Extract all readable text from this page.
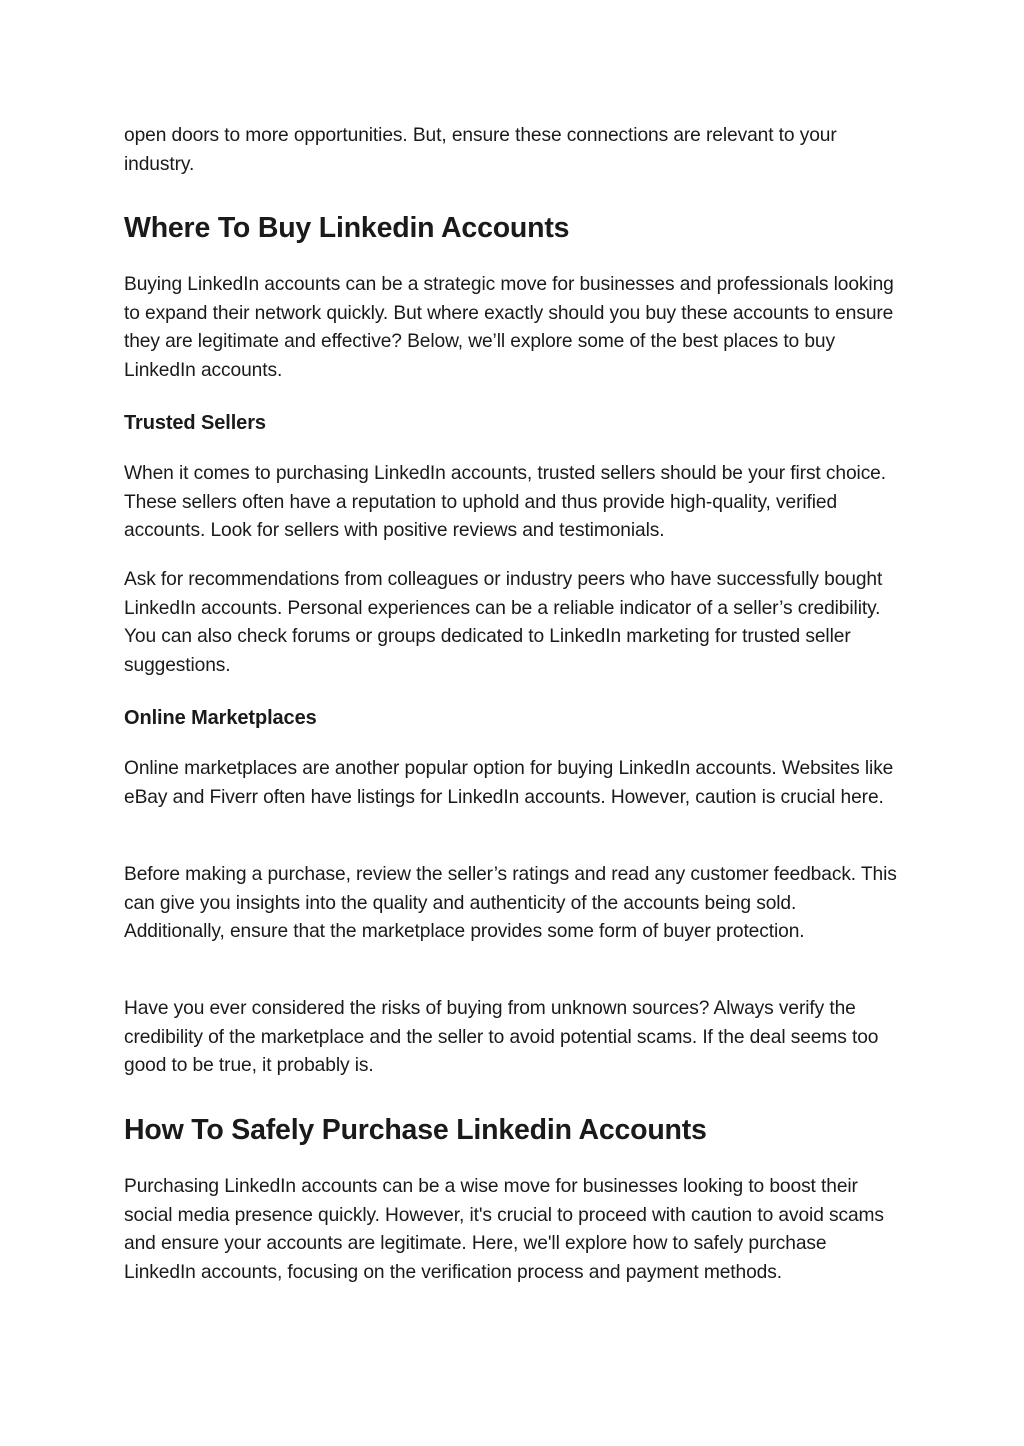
open doors to more opportunities. But, ensure these connections are relevant to your industry.

Where To Buy Linkedin Accounts

Buying LinkedIn accounts can be a strategic move for businesses and professionals looking to expand their network quickly. But where exactly should you buy these accounts to ensure they are legitimate and effective? Below, we’ll explore some of the best places to buy LinkedIn accounts.

Trusted Sellers

When it comes to purchasing LinkedIn accounts, trusted sellers should be your first choice. These sellers often have a reputation to uphold and thus provide high-quality, verified accounts. Look for sellers with positive reviews and testimonials.

Ask for recommendations from colleagues or industry peers who have successfully bought LinkedIn accounts. Personal experiences can be a reliable indicator of a seller’s credibility. You can also check forums or groups dedicated to LinkedIn marketing for trusted seller suggestions.

Online Marketplaces

Online marketplaces are another popular option for buying LinkedIn accounts. Websites like eBay and Fiverr often have listings for LinkedIn accounts. However, caution is crucial here.

Before making a purchase, review the seller’s ratings and read any customer feedback. This can give you insights into the quality and authenticity of the accounts being sold. Additionally, ensure that the marketplace provides some form of buyer protection.

Have you ever considered the risks of buying from unknown sources? Always verify the credibility of the marketplace and the seller to avoid potential scams. If the deal seems too good to be true, it probably is.

How To Safely Purchase Linkedin Accounts

Purchasing LinkedIn accounts can be a wise move for businesses looking to boost their social media presence quickly. However, it's crucial to proceed with caution to avoid scams and ensure your accounts are legitimate. Here, we'll explore how to safely purchase LinkedIn accounts, focusing on the verification process and payment methods.
